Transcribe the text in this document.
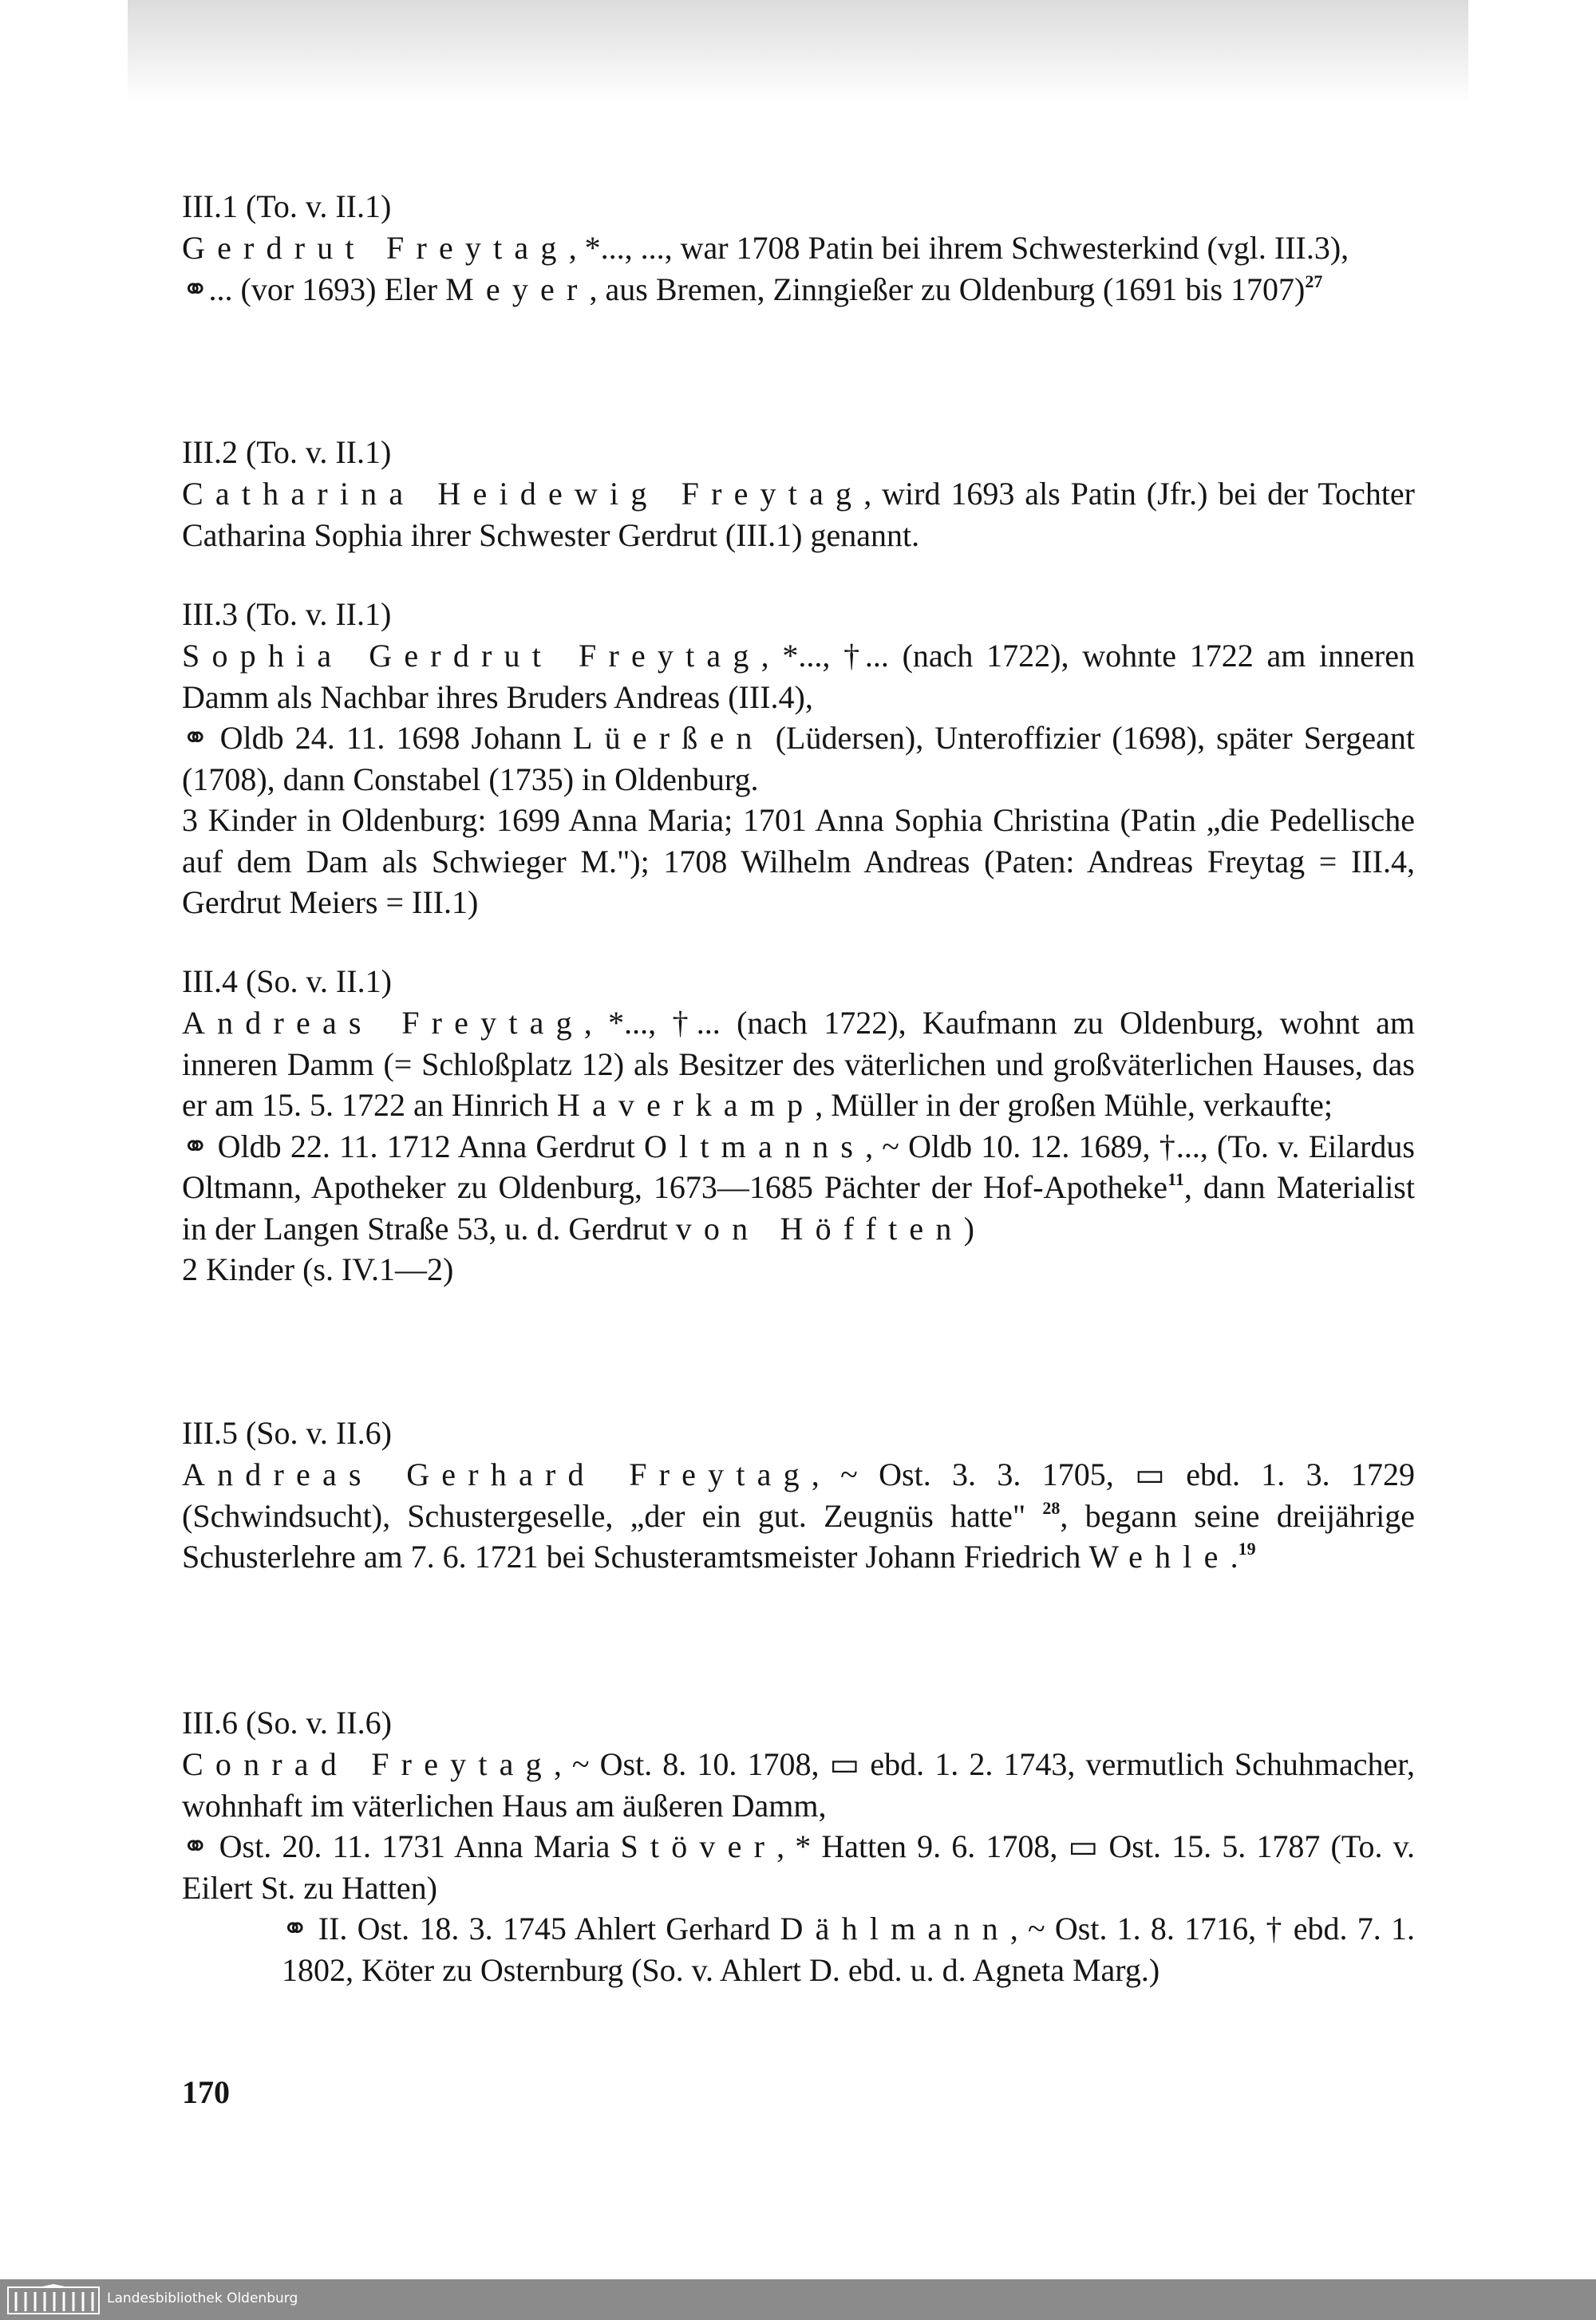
III.1 (To. v. II.1)
Gerdrut Freytag, *..., ..., war 1708 Patin bei ihrem Schwesterkind (vgl. III.3),
⚭... (vor 1693) Eler Meyer, aus Bremen, Zinngießer zu Oldenburg (1691 bis 1707)$^{27}$
III.2 (To. v. II.1)
Catharina Heidewig Freytag, wird 1693 als Patin (Jfr.) bei der Tochter Catharina Sophia ihrer Schwester Gerdrut (III.1) genannt.
III.3 (To. v. II.1)
Sophia Gerdrut Freytag, *..., †... (nach 1722), wohnte 1722 am inneren Damm als Nachbar ihres Bruders Andreas (III.4),
⚭ Oldb 24. 11. 1698 Johann Lüerßen (Lüdersen), Unteroffizier (1698), später Sergeant (1708), dann Constabel (1735) in Oldenburg.
3 Kinder in Oldenburg: 1699 Anna Maria; 1701 Anna Sophia Christina (Patin „die Pedellische auf dem Dam als Schwieger M."); 1708 Wilhelm Andreas (Paten: Andreas Freytag = III.4, Gerdrut Meiers = III.1)
III.4 (So. v. II.1)
Andreas Freytag, *..., †... (nach 1722), Kaufmann zu Oldenburg, wohnt am inneren Damm (= Schloßplatz 12) als Besitzer des väterlichen und großväterlichen Hauses, das er am 15. 5. 1722 an Hinrich Haverkamp, Müller in der großen Mühle, verkaufte;
⚭ Oldb 22. 11. 1712 Anna Gerdrut Oltmanns, ~ Oldb 10. 12. 1689, †..., (To. v. Eilardus Oltmann, Apotheker zu Oldenburg, 1673—1685 Pächter der Hof-Apotheke$^{11}$, dann Materialist in der Langen Straße 53, u. d. Gerdrut von Höfften)
2 Kinder (s. IV.1—2)
III.5 (So. v. II.6)
Andreas Gerhard Freytag, ~ Ost. 3. 3. 1705, ▭ ebd. 1. 3. 1729 (Schwindsucht), Schustergeselle, „der ein gut. Zeugnüs hatte" $^{28}$, begann seine dreijährige Schusterlehre am 7. 6. 1721 bei Schusteramtsmeister Johann Friedrich Wehle.$^{19}$
III.6 (So. v. II.6)
Conrad Freytag, ~ Ost. 8. 10. 1708, ▭ ebd. 1. 2. 1743, vermutlich Schuhmacher, wohnhaft im väterlichen Haus am äußeren Damm,
⚭ Ost. 20. 11. 1731 Anna Maria Stöver, * Hatten 9. 6. 1708, ▭ Ost. 15. 5. 1787 (To. v. Eilert St. zu Hatten)
⚭ II. Ost. 18. 3. 1745 Ahlert Gerhard Dählmann, ~ Ost. 1. 8. 1716, † ebd. 7. 1. 1802, Köter zu Osternburg (So. v. Ahlert D. ebd. u. d. Agneta Marg.)
170
Landesbibliothek Oldenburg
